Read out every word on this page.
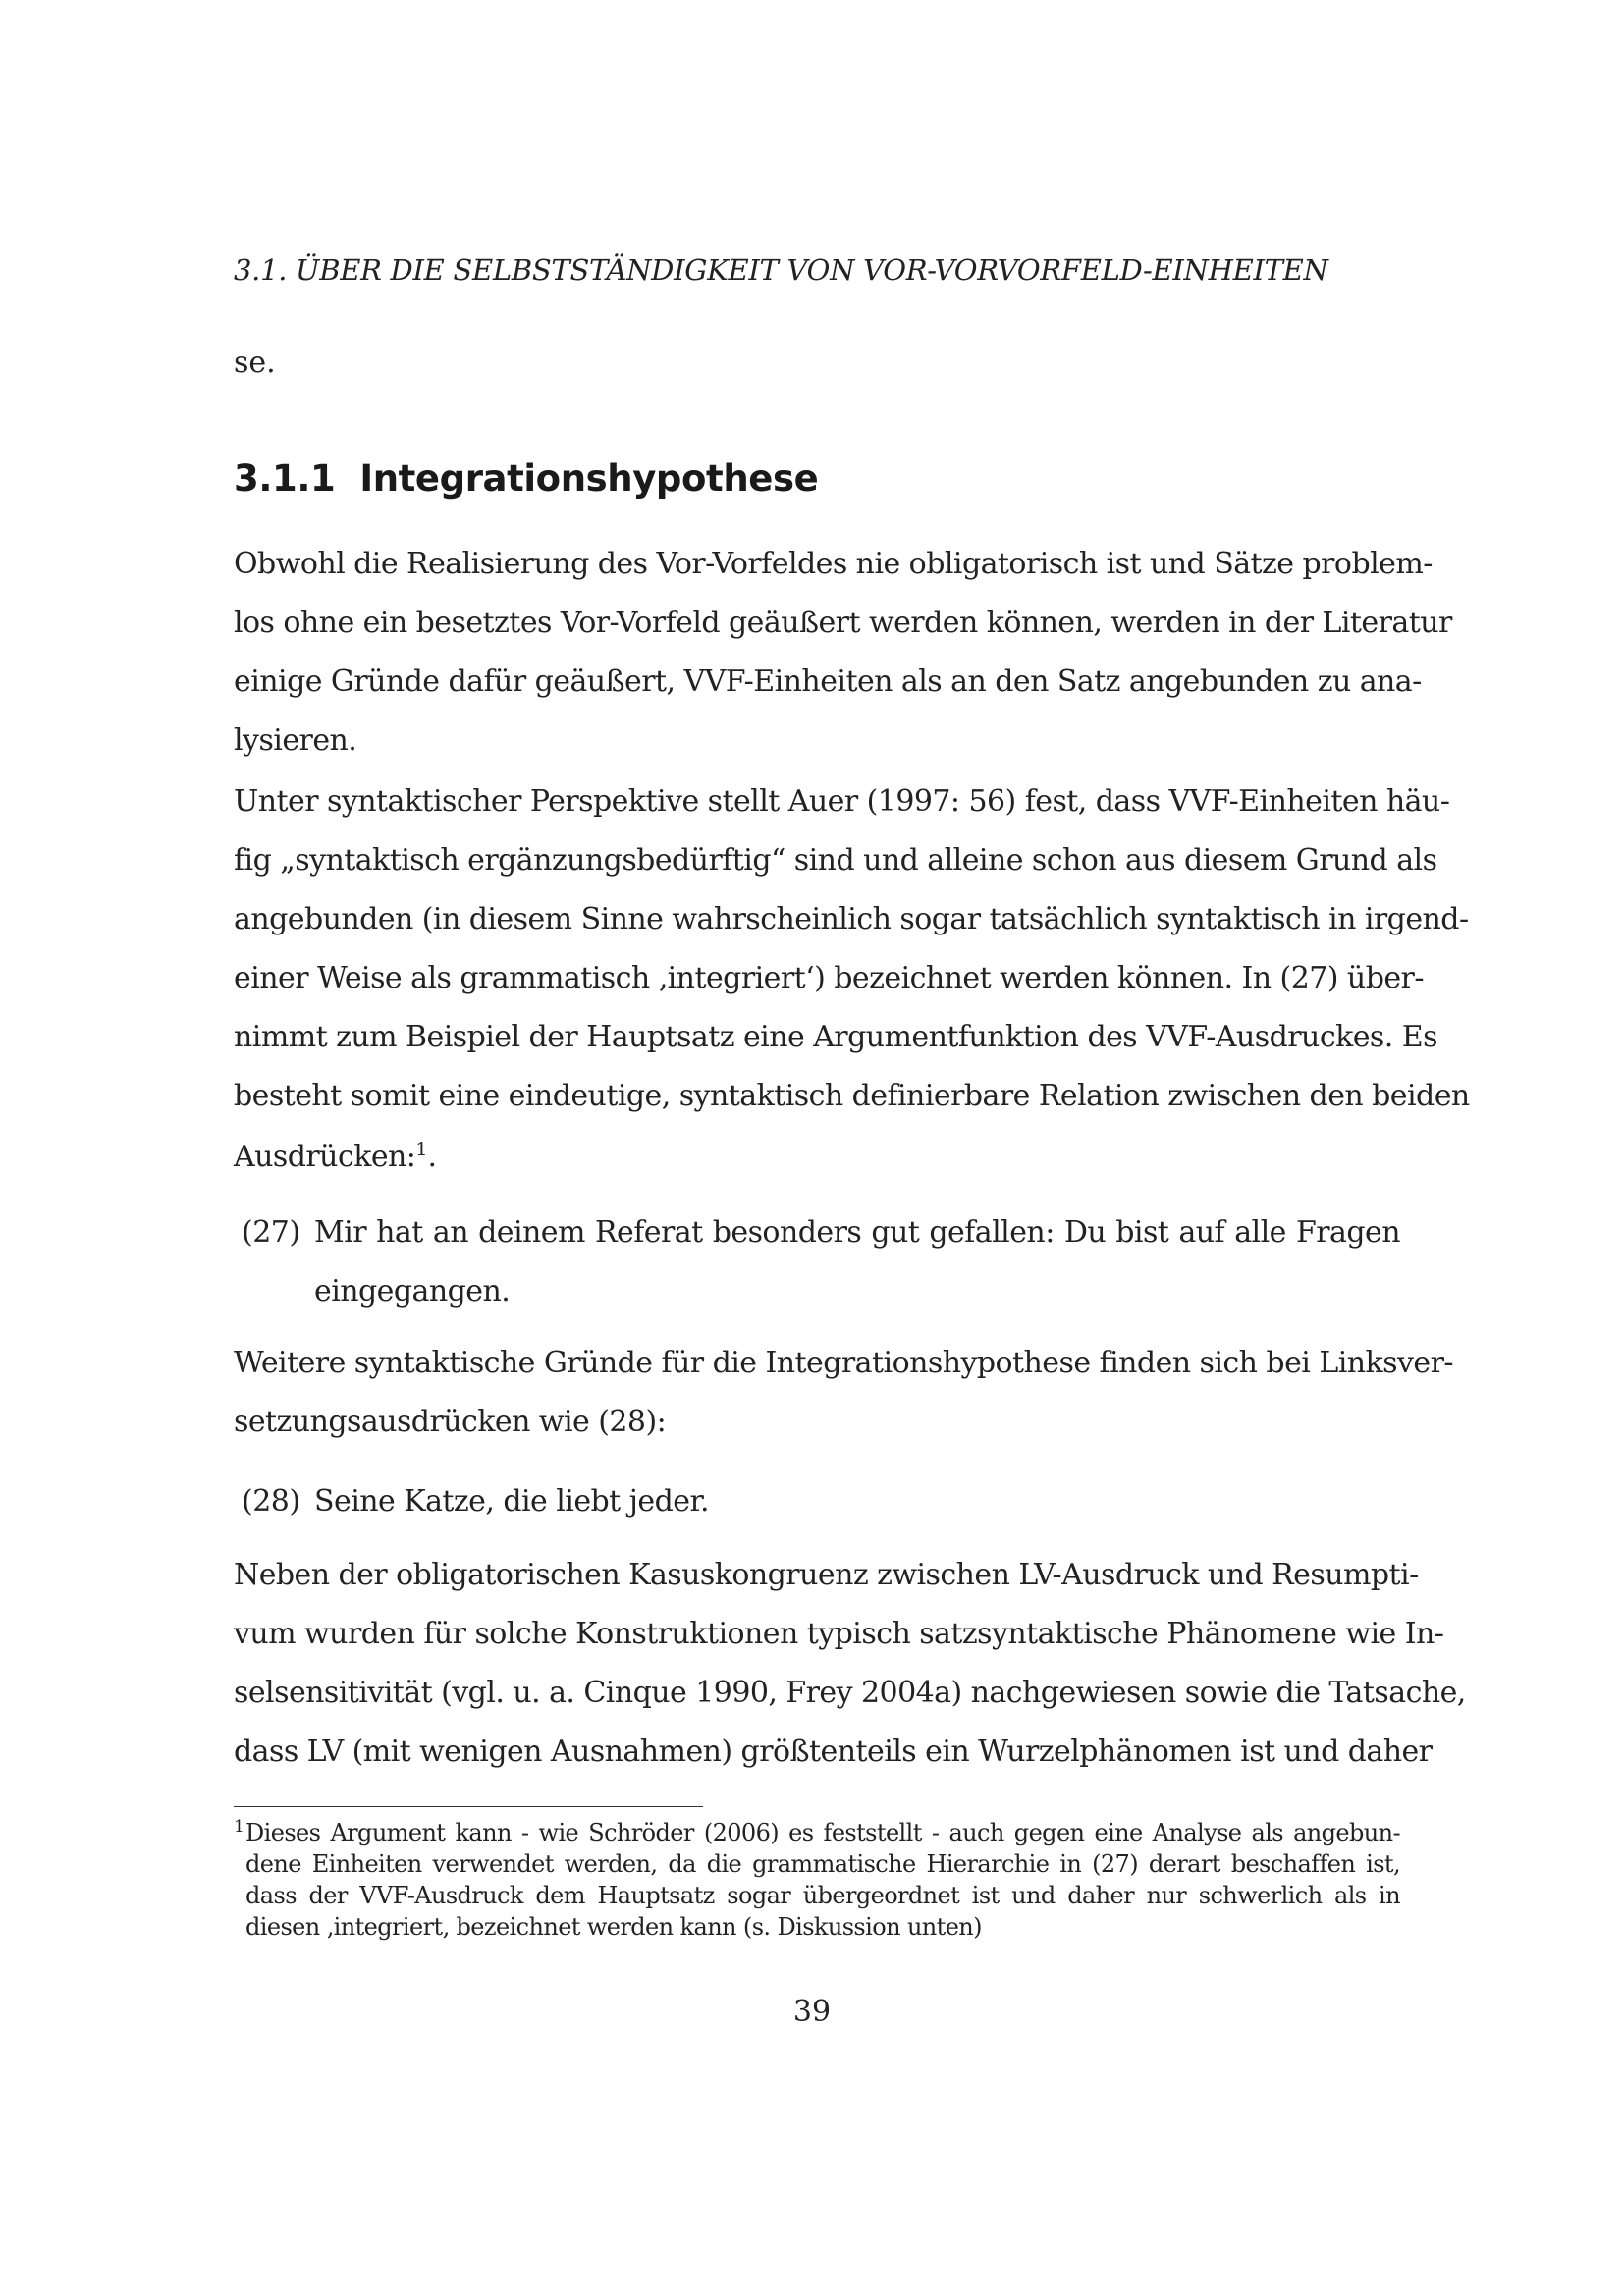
3.1. ÜBER DIE SELBSTSTÄNDIGKEIT VON VOR-VORVORFELD-EINHEITEN
se.
3.1.1 Integrationshypothese
Obwohl die Realisierung des Vor-Vorfeldes nie obligatorisch ist und Sätze problem-
los ohne ein besetztes Vor-Vorfeld geäußert werden können, werden in der Literatur
einige Gründe dafür geäußert, VVF-Einheiten als an den Satz angebunden zu ana-
lysieren.
Unter syntaktischer Perspektive stellt Auer (1997: 56) fest, dass VVF-Einheiten häu-
fig „syntaktisch ergänzungsbedürftig“ sind und alleine schon aus diesem Grund als
angebunden (in diesem Sinne wahrscheinlich sogar tatsächlich syntaktisch in irgend-
einer Weise als grammatisch ‚integriert‘) bezeichnet werden können. In (27) über-
nimmt zum Beispiel der Hauptsatz eine Argumentfunktion des VVF-Ausdruckes. Es
besteht somit eine eindeutige, syntaktisch definierbare Relation zwischen den beiden
Ausdrücken:$^1$.
(27) Mir hat an deinem Referat besonders gut gefallen: Du bist auf alle Fragen
eingegangen.
Weitere syntaktische Gründe für die Integrationshypothese finden sich bei Linksver-
setzungsausdrücken wie (28):
(28) Seine Katze, die liebt jeder.
Neben der obligatorischen Kasuskongruenz zwischen LV-Ausdruck und Resumpti-
vum wurden für solche Konstruktionen typisch satzsyntaktische Phänomene wie In-
selsensitivität (vgl. u. a. Cinque 1990, Frey 2004a) nachgewiesen sowie die Tatsache,
dass LV (mit wenigen Ausnahmen) größtenteils ein Wurzelphänomen ist und daher
1 Dieses Argument kann - wie Schröder (2006) es feststellt - auch gegen eine Analyse als angebun-
dene Einheiten verwendet werden, da die grammatische Hierarchie in (27) derart beschaffen ist,
dass der VVF-Ausdruck dem Hauptsatz sogar übergeordnet ist und daher nur schwerlich als in
diesen ‚integriert‚ bezeichnet werden kann (s. Diskussion unten)
39
